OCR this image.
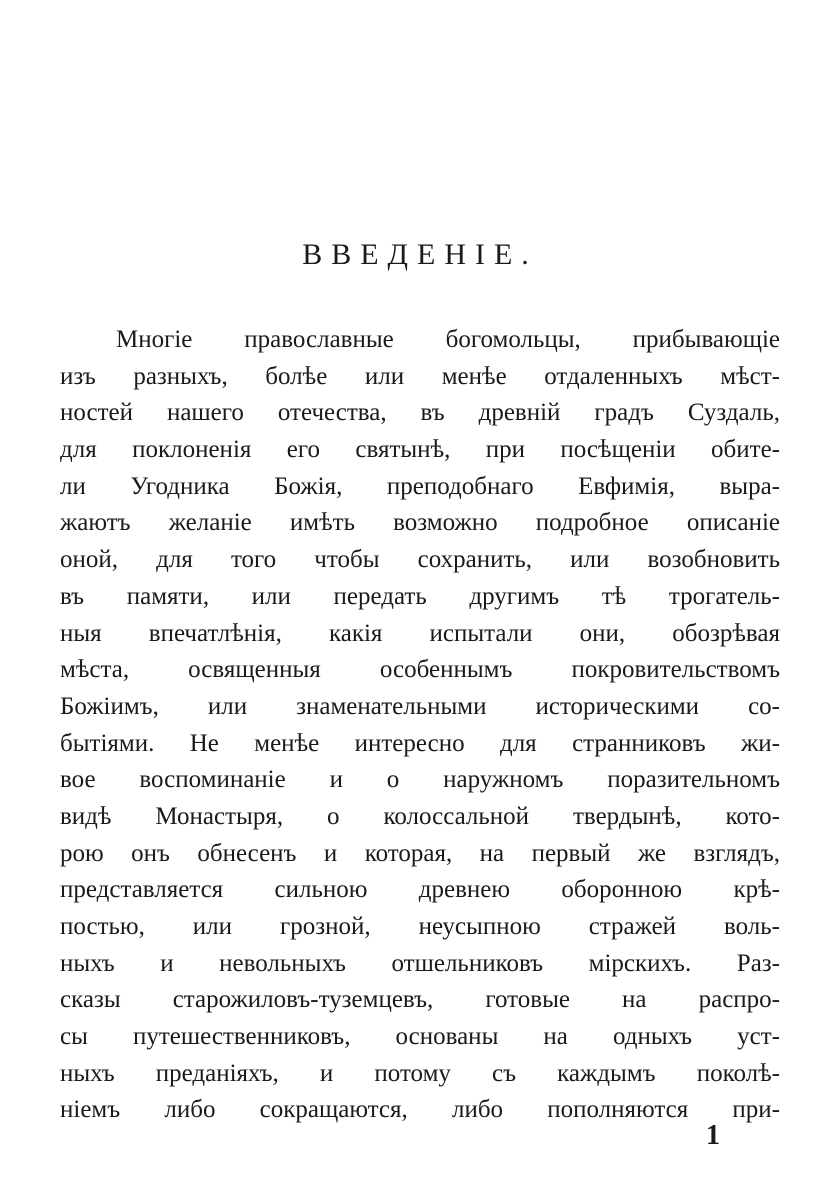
ВВЕДЕНІЕ.
Многіе православные богомольцы, прибывающіе
изъ разныхъ, болѣе или менѣе отдаленныхъ мѣст-
ностей нашего отечества, въ древній градъ Суздаль,
для поклоненія его святынѣ, при посѣщеніи обите-
ли Угодника Божія, преподобнаго Евфимія, выра-
жаютъ желаніе имѣть возможно подробное описаніе
оной, для того чтобы сохранить, или возобновить
въ памяти, или передать другимъ тѣ трогатель-
ныя впечатлѣнія, какія испытали они, обозрѣвая
мѣста, освященныя особеннымъ покровительствомъ
Божіимъ, или знаменательными историческими со-
бытіями. Не менѣе интересно для странниковъ жи-
вое воспоминаніе и о наружномъ поразительномъ
видѣ Монастыря, о колоссальной твердынѣ, кото-
рою онъ обнесенъ и которая, на первый же взглядъ,
представляется сильною древнею оборонною крѣ-
постью, или грозной, неусыпною стражей воль-
ныхъ и невольныхъ отшельниковъ мірскихъ. Раз-
сказы старожиловъ-туземцевъ, готовые на распро-
сы путешественниковъ, основаны на одныхъ уст-
ныхъ преданіяхъ, и потому съ каждымъ поколѣ-
ніемъ либо сокращаются, либо пополняются при-
1
